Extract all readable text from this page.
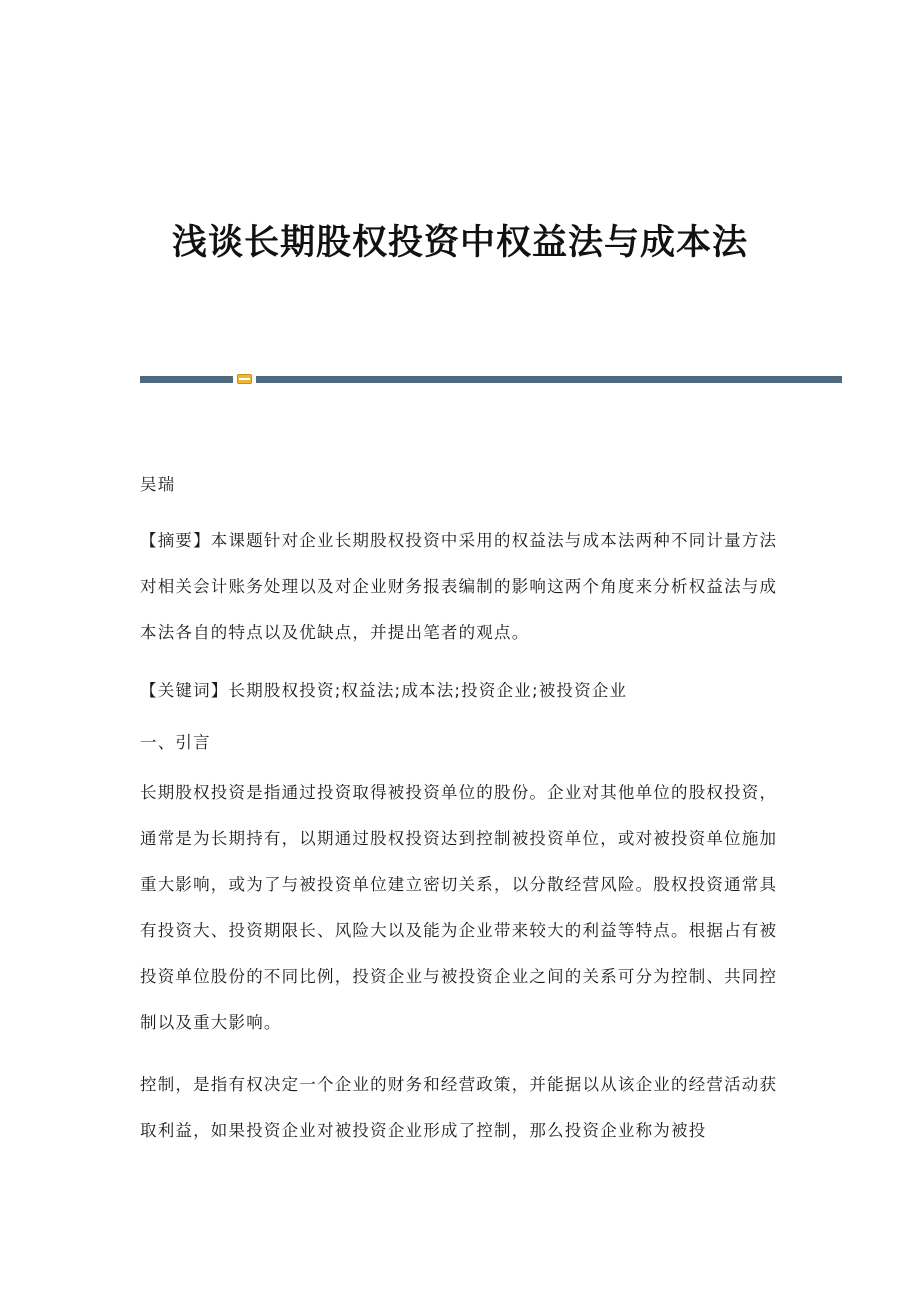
浅谈长期股权投资中权益法与成本法

吴瑞

【摘要】本课题针对企业长期股权投资中采用的权益法与成本法两种不同计量方法对相关会计账务处理以及对企业财务报表编制的影响这两个角度来分析权益法与成本法各自的特点以及优缺点，并提出笔者的观点。

【关键词】长期股权投资;权益法;成本法;投资企业;被投资企业

一、引言

长期股权投资是指通过投资取得被投资单位的股份。企业对其他单位的股权投资，通常是为长期持有，以期通过股权投资达到控制被投资单位，或对被投资单位施加重大影响，或为了与被投资单位建立密切关系，以分散经营风险。股权投资通常具有投资大、投资期限长、风险大以及能为企业带来较大的利益等特点。根据占有被投资单位股份的不同比例，投资企业与被投资企业之间的关系可分为控制、共同控制以及重大影响。

控制，是指有权决定一个企业的财务和经营政策，并能据以从该企业的经营活动获取利益，如果投资企业对被投资企业形成了控制，那么投资企业称为被投
